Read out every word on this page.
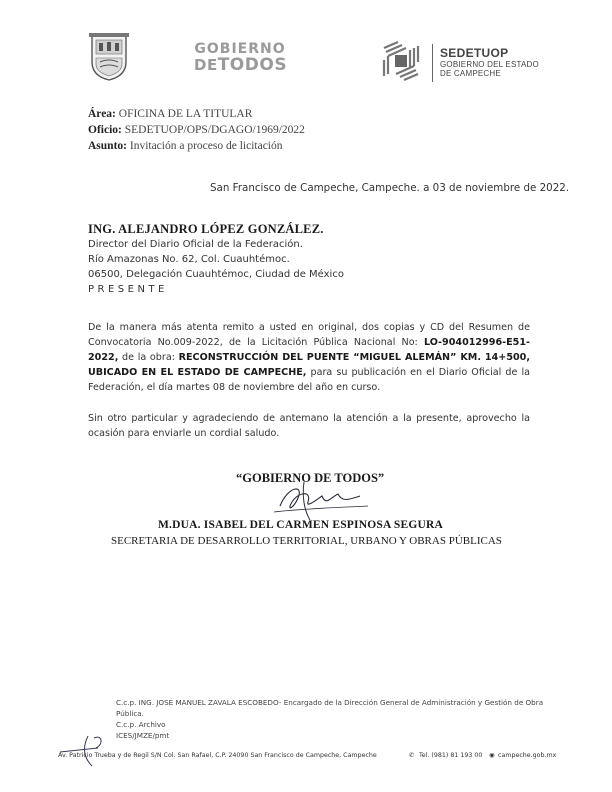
GOBIERNO
DETODOS
SEDETUOP
GOBIERNO DEL ESTADO
DE CAMPECHE
Área: OFICINA DE LA TITULAR
Oficio: SEDETUOP/OPS/DGAGO/1969/2022
Asunto: Invitación a proceso de licitación
San Francisco de Campeche, Campeche. a 03 de noviembre de 2022.
ING. ALEJANDRO LÓPEZ GONZÁLEZ.
Director del Diario Oficial de la Federación.
Río Amazonas No. 62, Col. Cuauhtémoc.
06500, Delegación Cuauhtémoc, Ciudad de México
PRESENTE
De la manera más atenta remito a usted en original, dos copias y CD del Resumen de Convocatoria No.009-2022, de la Licitación Pública Nacional No: LO-904012996-E51-2022, de la obra: RECONSTRUCCIÓN DEL PUENTE “MIGUEL ALEMÁN” KM. 14+500, UBICADO EN EL ESTADO DE CAMPECHE, para su publicación en el Diario Oficial de la Federación, el día martes 08 de noviembre del año en curso.
Sin otro particular y agradeciendo de antemano la atención a la presente, aprovecho la ocasión para enviarle un cordial saludo.
“GOBIERNO DE TODOS”
M.DUA. ISABEL DEL CARMEN ESPINOSA SEGURA
SECRETARIA DE DESARROLLO TERRITORIAL, URBANO Y OBRAS PÚBLICAS
C.c.p. ING. JOSÉ MANUEL ZAVALA ESCOBEDO- Encargado de la Dirección General de Administración y Gestión de Obra Pública.
C.c.p. Archivo
ICES/JMZE/pmt
Av. Patricio Trueba y de Regil S/N Col. San Rafael, C.P. 24090 San Francisco de Campeche, Campeche	✆ Tel. (981) 81 193 00 ◉ campeche.gob.mx
